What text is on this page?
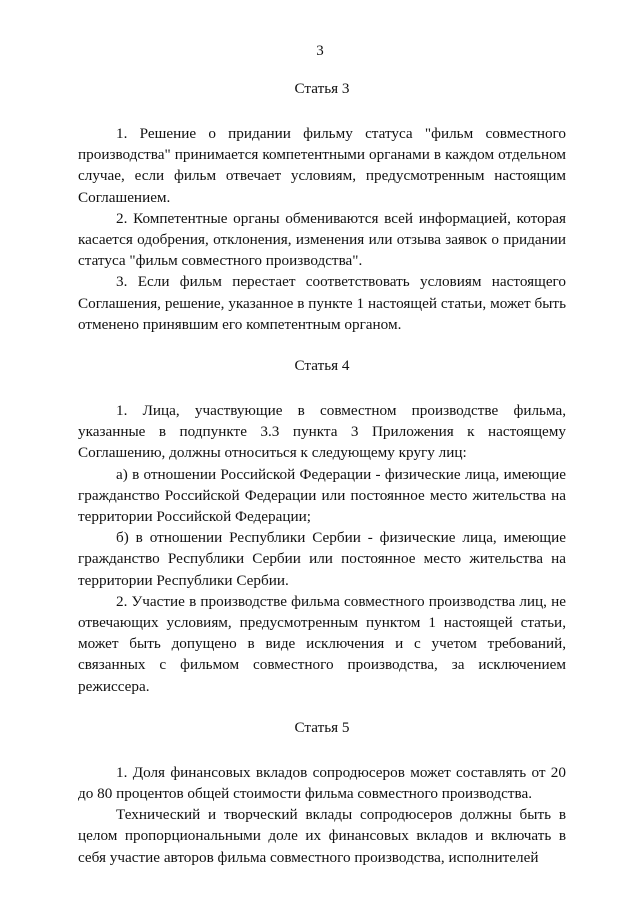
3
Статья 3

1. Решение о придании фильму статуса "фильм совместного производства" принимается компетентными органами в каждом отдельном случае, если фильм отвечает условиям, предусмотренным настоящим Соглашением.

2. Компетентные органы обмениваются всей информацией, которая касается одобрения, отклонения, изменения или отзыва заявок о придании статуса "фильм совместного производства".

3. Если фильм перестает соответствовать условиям настоящего Соглашения, решение, указанное в пункте 1 настоящей статьи, может быть отменено принявшим его компетентным органом.

Статья 4

1. Лица, участвующие в совместном производстве фильма, указанные в подпункте 3.3 пункта 3 Приложения к настоящему Соглашению, должны относиться к следующему кругу лиц:

а) в отношении Российской Федерации - физические лица, имеющие гражданство Российской Федерации или постоянное место жительства на территории Российской Федерации;

б) в отношении Республики Сербии - физические лица, имеющие гражданство Республики Сербии или постоянное место жительства на территории Республики Сербии.

2. Участие в производстве фильма совместного производства лиц, не отвечающих условиям, предусмотренным пунктом 1 настоящей статьи, может быть допущено в виде исключения и с учетом требований, связанных с фильмом совместного производства, за исключением режиссера.

Статья 5

1. Доля финансовых вкладов сопродюсеров может составлять от 20 до 80 процентов общей стоимости фильма совместного производства.

Технический и творческий вклады сопродюсеров должны быть в целом пропорциональными доле их финансовых вкладов и включать в себя участие авторов фильма совместного производства, исполнителей
